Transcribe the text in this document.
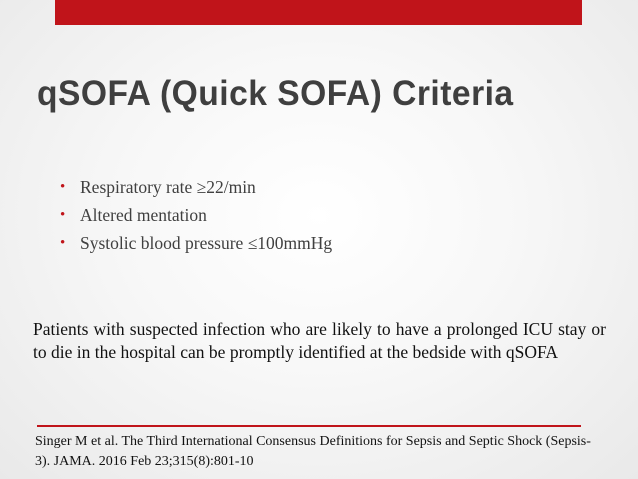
qSOFA (Quick SOFA) Criteria
• Respiratory rate ≥22/min
• Altered mentation
• Systolic blood pressure ≤100mmHg

Patients with suspected infection who are likely to have a prolonged ICU stay or to die in the hospital can be promptly identified at the bedside with qSOFA

Singer M et al. The Third International Consensus Definitions for Sepsis and Septic Shock (Sepsis-3). JAMA. 2016 Feb 23;315(8):801-10
